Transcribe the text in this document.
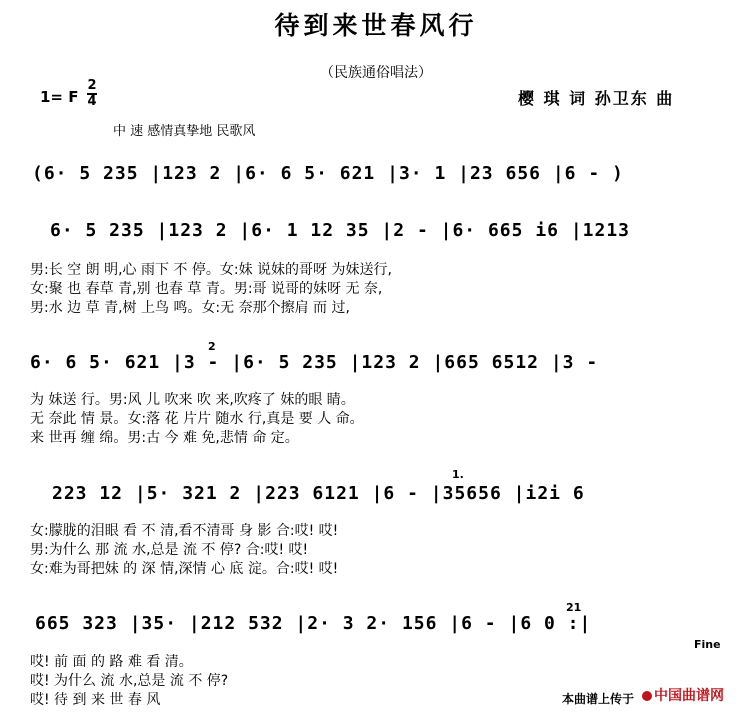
待到来世春风行
（民族通俗唱法）
1= F
2
4	樱 琪 词 孙卫东 曲
中 速 感情真挚地 民歌风
(6· 5 235 |123 2 |6· 6 5· 621 |3· 1 |23 656 |6 - )
6· 5 235 |123 2 |6· 1 12 35 |2 - |6· 665 i6 |1213
男:长 空 朗 明,心 雨下 不 停。女:妹 说妹的哥呀 为妹送行,
女:聚 也 春草 青,别 也春 草 青。男:哥 说哥的妹呀 无 奈,
男:水 边 草 青,树 上鸟 鸣。女:无 奈那个擦肩 而 过,
2
6· 6 5· 621 |3 - |6· 5 235 |123 2 |665 6512 |3 -
为 妹送 行。男:风 儿 吹来 吹 来,吹疼了 妹的眼 睛。
无 奈此 情 景。女:落 花 片片 随水 行,真是 要 人 命。
来 世再 缠 绵。男:古 今 难 免,悲情 命 定。
1.
223 12 |5· 321 2 |223 6121 |6 - |35656 |i2i 6
女:朦胧的泪眼 看 不 清,看不清哥 身 影 合:哎! 哎!
男:为什么 那 流 水,总是 流 不 停? 合:哎! 哎!
女:难为哥把妹 的 深 情,深情 心 底 淀。合:哎! 哎!
21
665 323 |35· |212 532 |2· 3 2· 156 |6 - |6 0 :|
Fine
哎! 前 面 的 路 难 看 清。
哎! 为什么 流 水,总是 流 不 停?
哎! 待 到 来 世 春 风	本曲谱上传于	中国曲谱网
